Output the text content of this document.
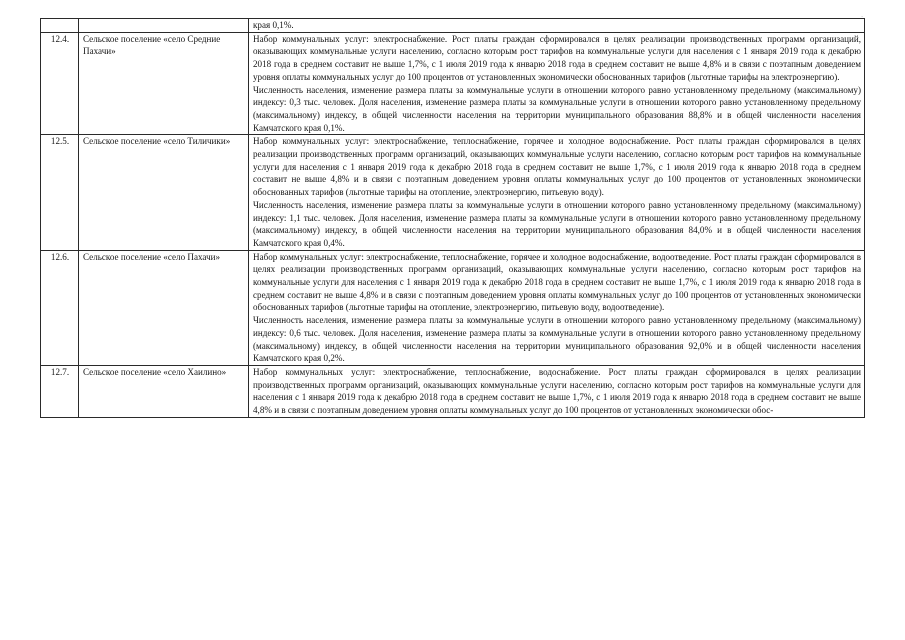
·

		края 0,1%.

12.4.	Сельское поселение «село Средние Пахачи»	Набор коммунальных услуг: электроснабжение. Рост платы граждан сформировался в целях реализации производственных программ организаций, оказывающих коммунальные услуги населению, согласно которым рост тарифов на коммунальные услуги для населения с 1 января 2019 года к декабрю 2018 года в среднем составит не выше 1,7%, с 1 июля 2019 года к январю 2018 года в среднем составит не выше 4,8% и в связи с поэтапным доведением уровня оплаты коммунальных услуг до 100 процентов от установленных экономически обоснованных тарифов (льготные тарифы на электроэнергию).

Численность населения, изменение размера платы за коммунальные услуги в отношении которого равно установленному предельному (максимальному) индексу: 0,3 тыс. человек. Доля населения, изменение размера платы за коммунальные услуги в отношении которого равно установленному предельному (максимальному) индексу, в общей численности населения на территории муниципального образования 88,8% и в общей численности населения Камчатского края 0,1%.

12.5.	Сельское поселение «село Тиличики»	Набор коммунальных услуг: электроснабжение, теплоснабжение, горячее и холодное водоснабжение. Рост платы граждан сформировался в целях реализации производственных программ организаций, оказывающих коммунальные услуги населению, согласно которым рост тарифов на коммунальные услуги для населения с 1 января 2019 года к декабрю 2018 года в среднем составит не выше 1,7%, с 1 июля 2019 года к январю 2018 года в среднем составит не выше 4,8% и в связи с поэтапным доведением уровня оплаты коммунальных услуг до 100 процентов от установленных экономически обоснованных тарифов (льготные тарифы на отопление, электроэнергию, питьевую воду).

Численность населения, изменение размера платы за коммунальные услуги в отношении которого равно установленному предельному (максимальному) индексу: 1,1 тыс. человек. Доля населения, изменение размера платы за коммунальные услуги в отношении которого равно установленному предельному (максимальному) индексу, в общей численности населения на территории муниципального образования 84,0% и в общей численности населения Камчатского края 0,4%.

12.6.	Сельское поселение «село Пахачи»	Набор коммунальных услуг: электроснабжение, теплоснабжение, горячее и холодное водоснабжение, водоотведение. Рост платы граждан сформировался в целях реализации производственных программ организаций, оказывающих коммунальные услуги населению, согласно которым рост тарифов на коммунальные услуги для населения с 1 января 2019 года к декабрю 2018 года в среднем составит не выше 1,7%, с 1 июля 2019 года к январю 2018 года в среднем составит не выше 4,8% и в связи с поэтапным доведением уровня оплаты коммунальных услуг до 100 процентов от установленных экономически обоснованных тарифов (льготные тарифы на отопление, электроэнергию, питьевую воду, водоотведение).

Численность населения, изменение размера платы за коммунальные услуги в отношении которого равно установленному предельному (максимальному) индексу: 0,6 тыс. человек. Доля населения, изменение размера платы за коммунальные услуги в отношении которого равно установленному предельному (максимальному) индексу, в общей численности населения на территории муниципального образования 92,0% и в общей численности населения Камчатского края 0,2%.

12.7.	Сельское поселение «село Хаилино»	Набор коммунальных услуг: электроснабжение, теплоснабжение, водоснабжение. Рост платы граждан сформировался в целях реализации производственных программ организаций, оказывающих коммунальные услуги населению, согласно которым рост тарифов на коммунальные услуги для населения с 1 января 2019 года к декабрю 2018 года в среднем составит не выше 1,7%, с 1 июля 2019 года к январю 2018 года в среднем составит не выше 4,8% и в связи с поэтапным доведением уровня оплаты коммунальных услуг до 100 процентов от установленных экономически обос-
